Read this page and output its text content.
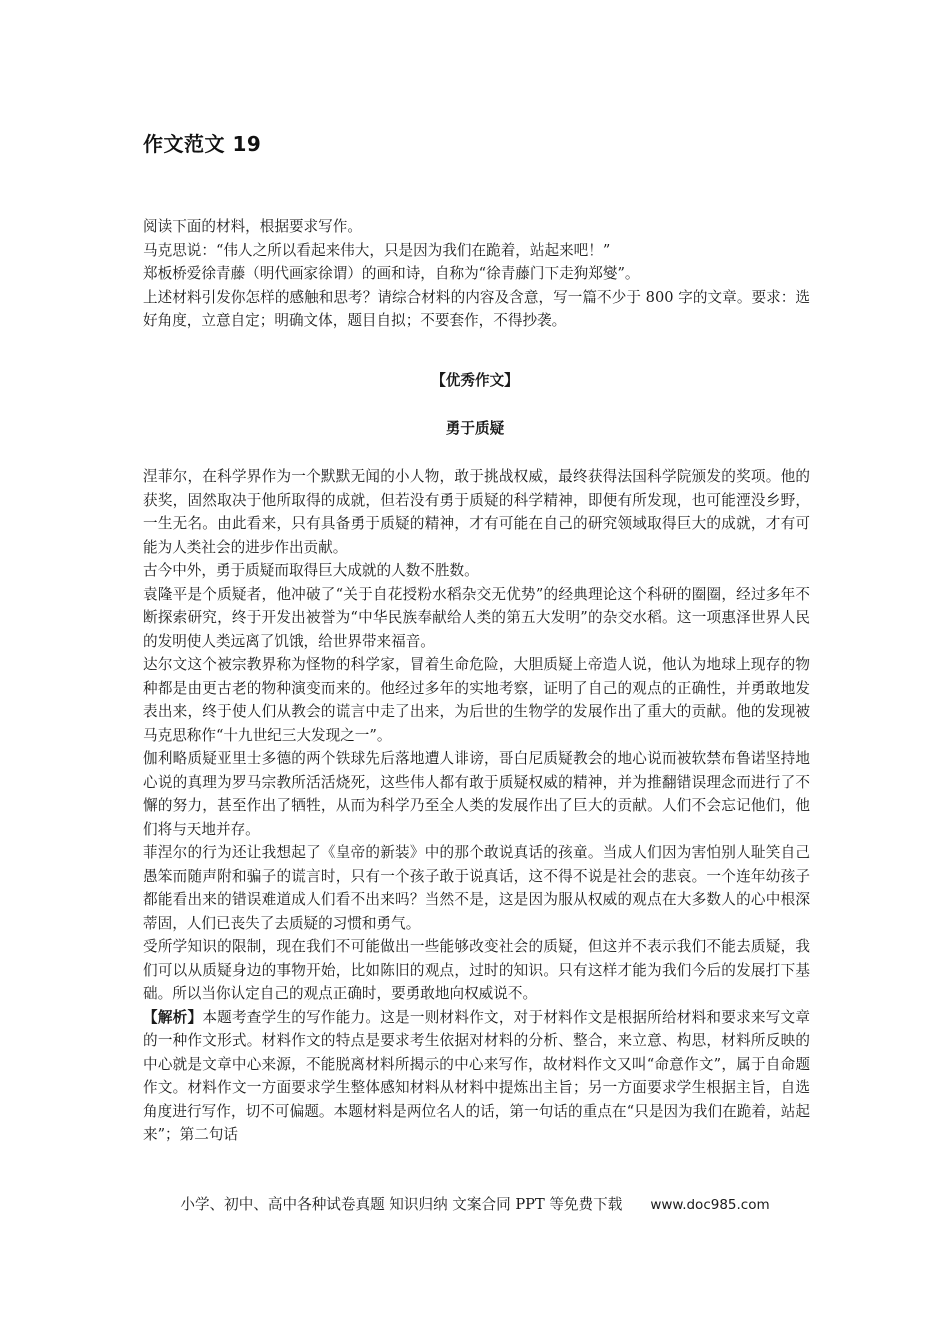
作文范文 19

阅读下面的材料，根据要求写作。

马克思说：“伟人之所以看起来伟大，只是因为我们在跪着，站起来吧！”

郑板桥爱徐青藤（明代画家徐谓）的画和诗，自称为“徐青藤门下走狗郑燮”。

上述材料引发你怎样的感触和思考？请综合材料的内容及含意，写一篇不少于 800 字的文章。要求：选好角度，立意自定；明确文体，题目自拟；不要套作，不得抄袭。

【优秀作文】
勇于质疑

涅菲尔，在科学界作为一个默默无闻的小人物，敢于挑战权威，最终获得法国科学院颁发的奖项。他的获奖，固然取决于他所取得的成就，但若没有勇于质疑的科学精神，即便有所发现，也可能湮没乡野，一生无名。由此看来，只有具备勇于质疑的精神，才有可能在自己的研究领域取得巨大的成就，才有可能为人类社会的进步作出贡献。

古今中外，勇于质疑而取得巨大成就的人数不胜数。

袁隆平是个质疑者，他冲破了“关于自花授粉水稻杂交无优势”的经典理论这个科研的圈圈，经过多年不断探索研究，终于开发出被誉为“中华民族奉献给人类的第五大发明”的杂交水稻。这一项惠泽世界人民的发明使人类远离了饥饿，给世界带来福音。

达尔文这个被宗教界称为怪物的科学家，冒着生命危险，大胆质疑上帝造人说，他认为地球上现存的物种都是由更古老的物种演变而来的。他经过多年的实地考察，证明了自己的观点的正确性，并勇敢地发表出来，终于使人们从教会的谎言中走了出来，为后世的生物学的发展作出了重大的贡献。他的发现被马克思称作“十九世纪三大发现之一”。

伽利略质疑亚里士多德的两个铁球先后落地遭人诽谤，哥白尼质疑教会的地心说而被软禁布鲁诺坚持地心说的真理为罗马宗教所活活烧死，这些伟人都有敢于质疑权威的精神，并为推翻错误理念而进行了不懈的努力，甚至作出了牺牲，从而为科学乃至全人类的发展作出了巨大的贡献。人们不会忘记他们，他们将与天地并存。

菲涅尔的行为还让我想起了《皇帝的新装》中的那个敢说真话的孩童。当成人们因为害怕别人耻笑自己愚笨而随声附和骗子的谎言时，只有一个孩子敢于说真话，这不得不说是社会的悲哀。一个连年幼孩子都能看出来的错误难道成人们看不出来吗？当然不是，这是因为服从权威的观点在大多数人的心中根深蒂固，人们已丧失了去质疑的习惯和勇气。

受所学知识的限制，现在我们不可能做出一些能够改变社会的质疑，但这并不表示我们不能去质疑，我们可以从质疑身边的事物开始，比如陈旧的观点，过时的知识。只有这样才能为我们今后的发展打下基础。所以当你认定自己的观点正确时，要勇敢地向权威说不。

【解析】本题考查学生的写作能力。这是一则材料作文，对于材料作文是根据所给材料和要求来写文章的一种作文形式。材料作文的特点是要求考生依据对材料的分析、整合，来立意、构思，材料所反映的中心就是文章中心来源，不能脱离材料所揭示的中心来写作，故材料作文又叫“命意作文”，属于自命题作文。材料作文一方面要求学生整体感知材料从材料中提炼出主旨；另一方面要求学生根据主旨，自选角度进行写作，切不可偏题。本题材料是两位名人的话，第一句话的重点在“只是因为我们在跪着，站起来”；第二句话

小学、初中、高中各种试卷真题 知识归纳 文案合同 PPT 等免费下载 www.doc985.com
